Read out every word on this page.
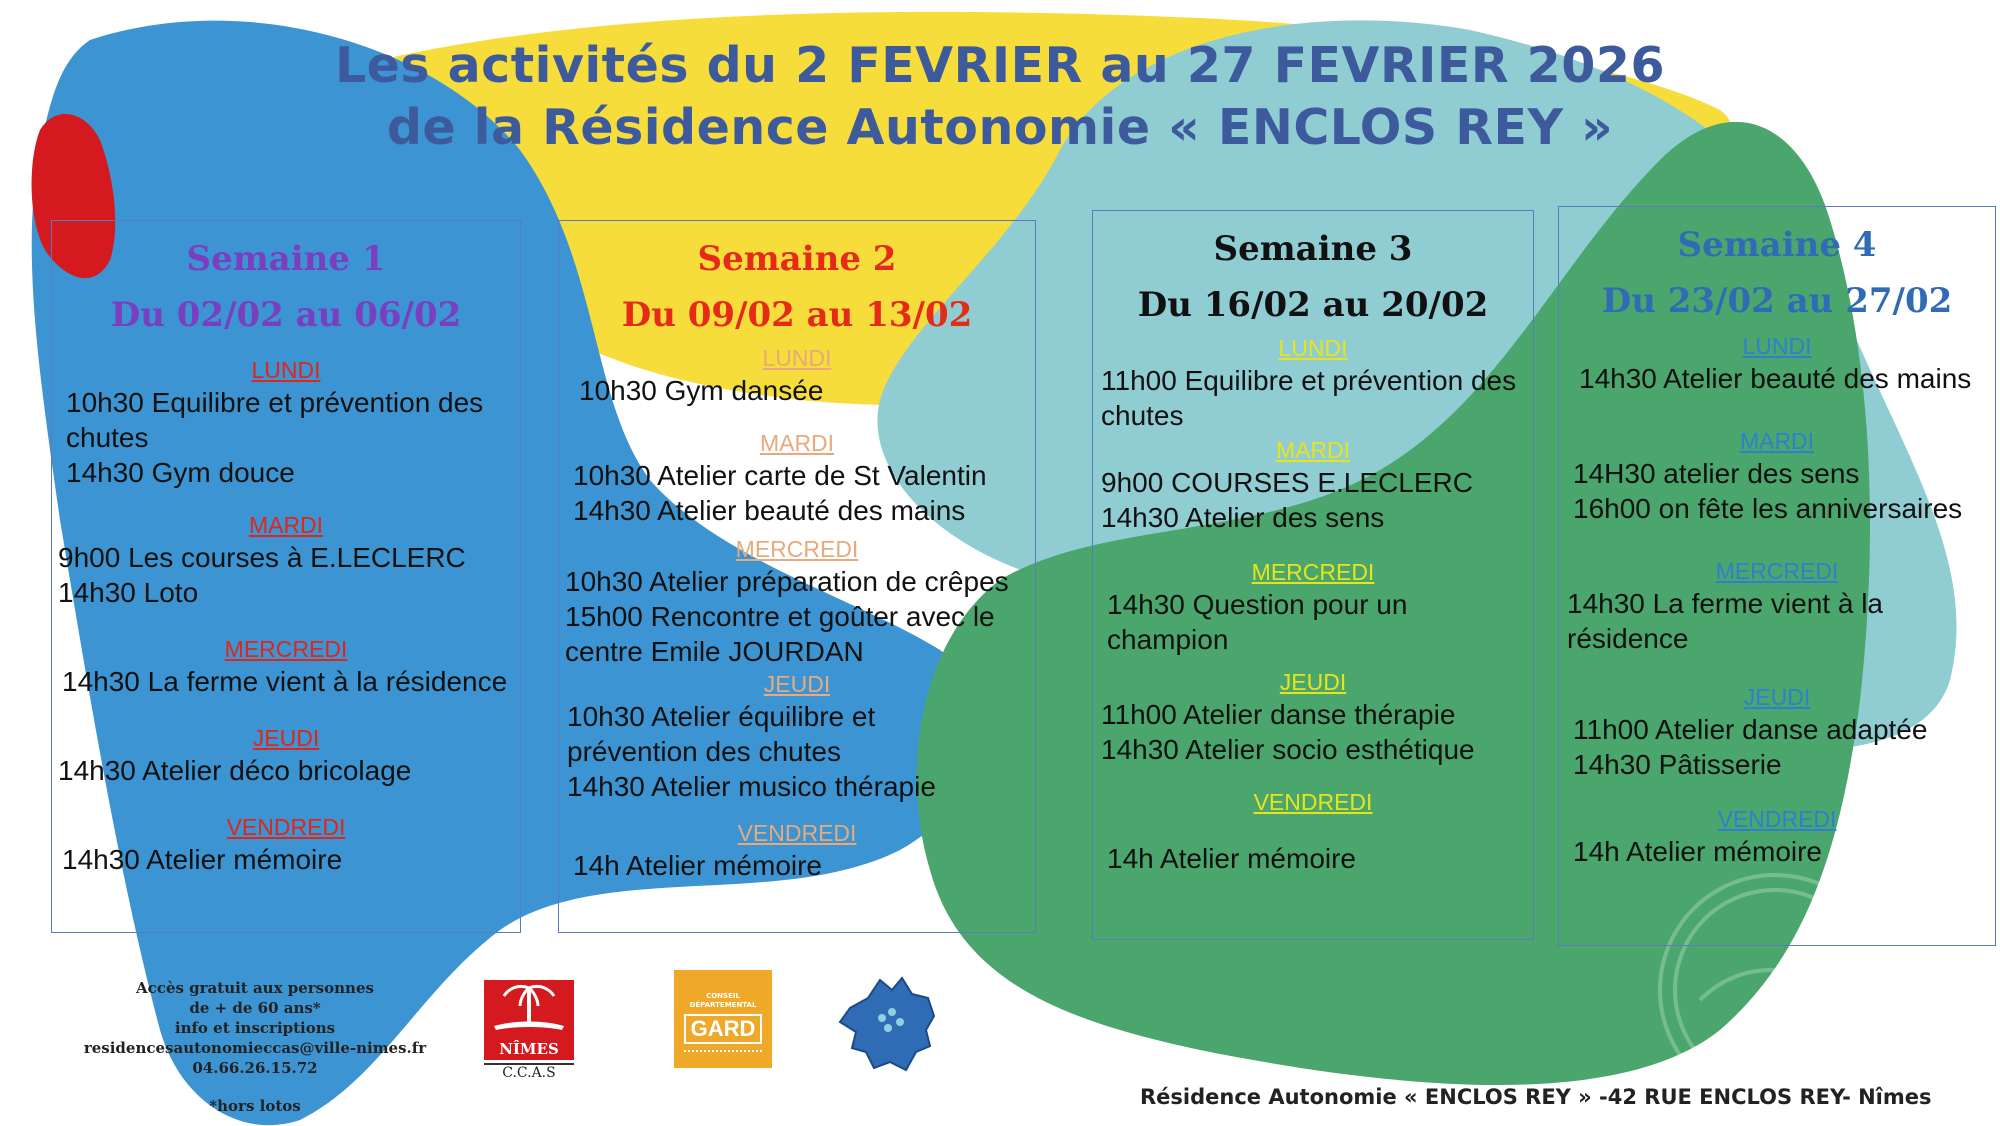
Les activités du 2 FEVRIER au 27 FEVRIER 2026
de la Résidence Autonomie « ENCLOS REY »
Semaine 1
Du 02/02 au 06/02
LUNDI
10h30 Equilibre et prévention des
chutes
14h30 Gym douce
MARDI
9h00 Les courses à E.LECLERC
14h30 Loto
MERCREDI
14h30 La ferme vient à la résidence
JEUDI
14h30 Atelier déco bricolage
VENDREDI
14h30 Atelier mémoire
Semaine 2
Du 09/02 au 13/02
LUNDI
10h30 Gym dansée
MARDI
10h30 Atelier carte de St Valentin
14h30 Atelier beauté des mains
MERCREDI
10h30 Atelier préparation de crêpes
15h00 Rencontre et goûter avec le
centre Emile JOURDAN
JEUDI
10h30 Atelier équilibre et
prévention des chutes
14h30 Atelier musico thérapie
VENDREDI
14h Atelier mémoire
Semaine 3
Du 16/02 au 20/02
LUNDI
11h00 Equilibre et prévention des
chutes
MARDI
9h00 COURSES E.LECLERC
14h30 Atelier des sens
MERCREDI
14h30 Question pour un
champion
JEUDI
11h00 Atelier danse thérapie
14h30 Atelier socio esthétique
VENDREDI
14h Atelier mémoire
Semaine 4
Du 23/02 au 27/02
LUNDI
14h30 Atelier beauté des mains
MARDI
14H30 atelier des sens
16h00 on fête les anniversaires
MERCREDI
14h30 La ferme vient à la
résidence
JEUDI
11h00 Atelier danse adaptée
14h30 Pâtisserie
VENDREDI
14h Atelier mémoire
Accès gratuit aux personnes
de + de 60 ans*
info et inscriptions
residencesautonomieccas@ville-nimes.fr
04.66.26.15.72
*hors lotos
NÎMES
C.C.A.S
CONSEIL DÉPARTEMENTAL
GARD
Résidence Autonomie « ENCLOS REY » -42 RUE ENCLOS REY- Nîmes
